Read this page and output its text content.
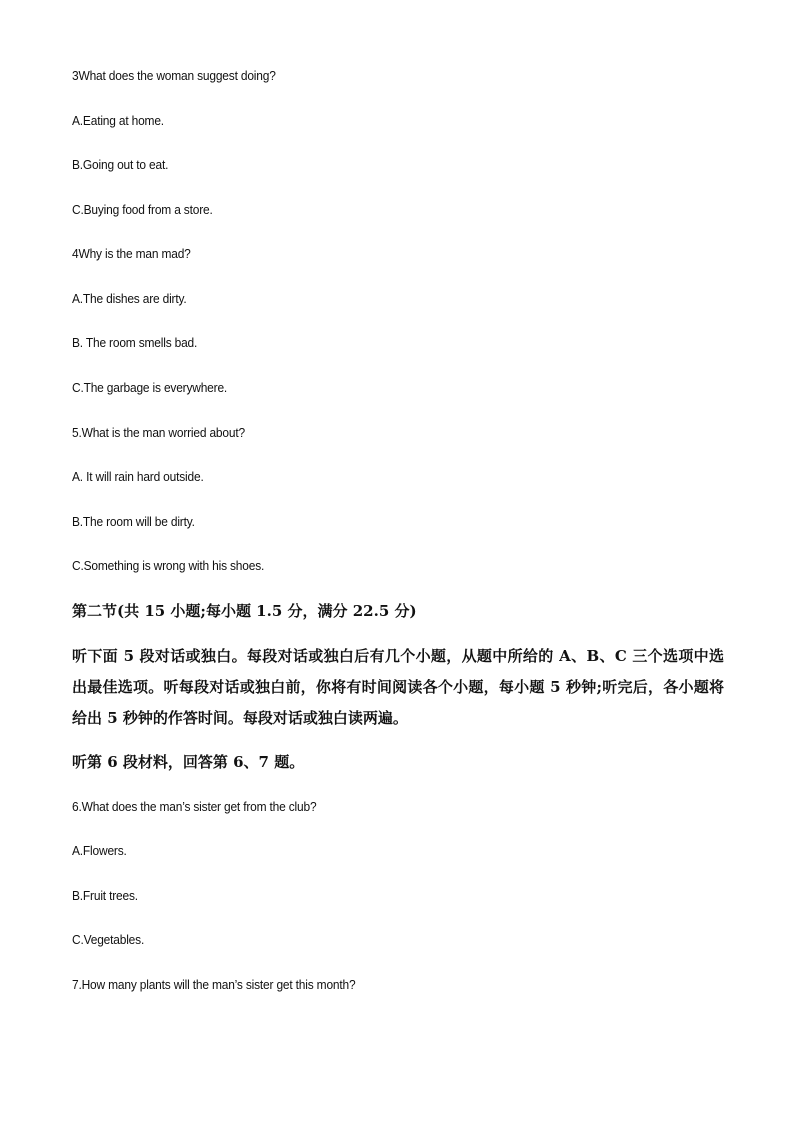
3What does the woman suggest doing?
A.Eating at home.
B.Going out to eat.
C.Buying food from a store.
4Why is the man mad?
A.The dishes are dirty.
B. The room smells bad.
C.The garbage is everywhere.
5.What is the man worried about?
A. It will rain hard outside.
B.The room will be dirty.
C.Something is wrong with his shoes.
第二节(共 15 小题;每小题 1.5 分，满分 22.5 分)
听下面 5 段对话或独白。每段对话或独白后有几个小题，从题中所给的 A、B、C 三个选项中选出最佳选项。听每段对话或独白前，你将有时间阅读各个小题，每小题 5 秒钟;听完后，各小题将给出 5 秒钟的作答时间。每段对话或独白读两遍。
听第 6 段材料，回答第 6、7 题。
6.What does the man’s sister get from the club?
A.Flowers.
B.Fruit trees.
C.Vegetables.
7.How many plants will the man’s sister get this month?
